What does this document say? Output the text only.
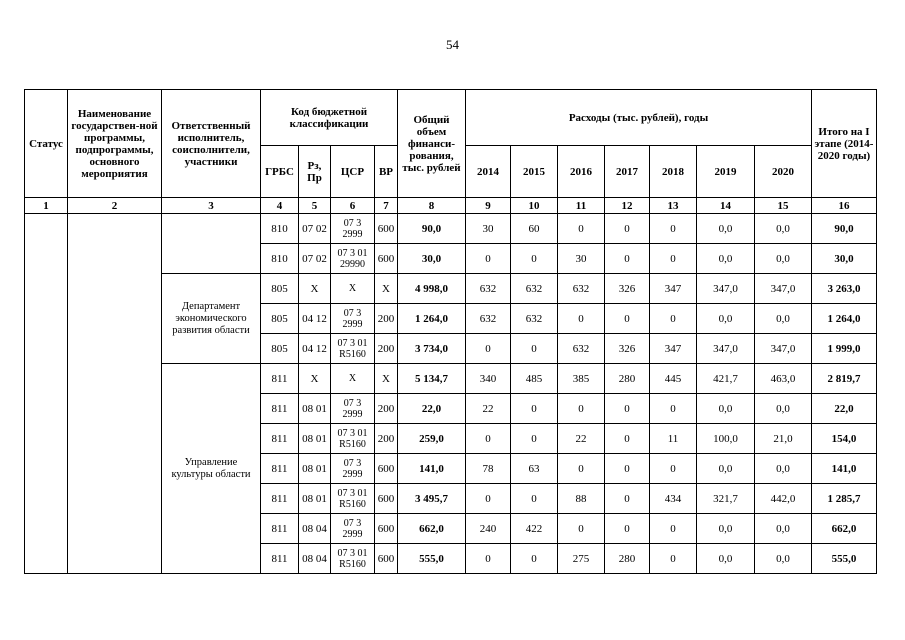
54
Статус	Наименование государствен-ной программы, подпрограммы, основного мероприятия	Ответственный исполнитель, соисполнители, участники	Код бюджетной классификации				Общий объем финанси-рования, тыс. рублей	Расходы (тыс. рублей), годы							Итого на I этапе (2014-2020 годы)
			ГРБС	Рз, Пр	ЦСР	ВР		2014	2015	2016	2017	2018	2019	2020	
1	2	3	4	5	6	7	8	9	10	11	12	13	14	15	16
			810	07 02	07 3 2999	600	90,0	30	60	0	0	0	0,0	0,0	90,0
			810	07 02	07 3 01 29990	600	30,0	0	0	30	0	0	0,0	0,0	30,0
		Департамент экономического развития области	805	Х	Х	Х	4 998,0	632	632	632	326	347	347,0	347,0	3 263,0
			805	04 12	07 3 2999	200	1 264,0	632	632	0	0	0	0,0	0,0	1 264,0
			805	04 12	07 3 01 R5160	200	3 734,0	0	0	632	326	347	347,0	347,0	1 999,0
		Управление культуры области	811	Х	Х	Х	5 134,7	340	485	385	280	445	421,7	463,0	2 819,7
			811	08 01	07 3 2999	200	22,0	22	0	0	0	0	0,0	0,0	22,0
			811	08 01	07 3 01 R5160	200	259,0	0	0	22	0	11	100,0	21,0	154,0
			811	08 01	07 3 2999	600	141,0	78	63	0	0	0	0,0	0,0	141,0
			811	08 01	07 3 01 R5160	600	3 495,7	0	0	88	0	434	321,7	442,0	1 285,7
			811	08 04	07 3 2999	600	662,0	240	422	0	0	0	0,0	0,0	662,0
			811	08 04	07 3 01 R5160	600	555,0	0	0	275	280	0	0,0	0,0	555,0
